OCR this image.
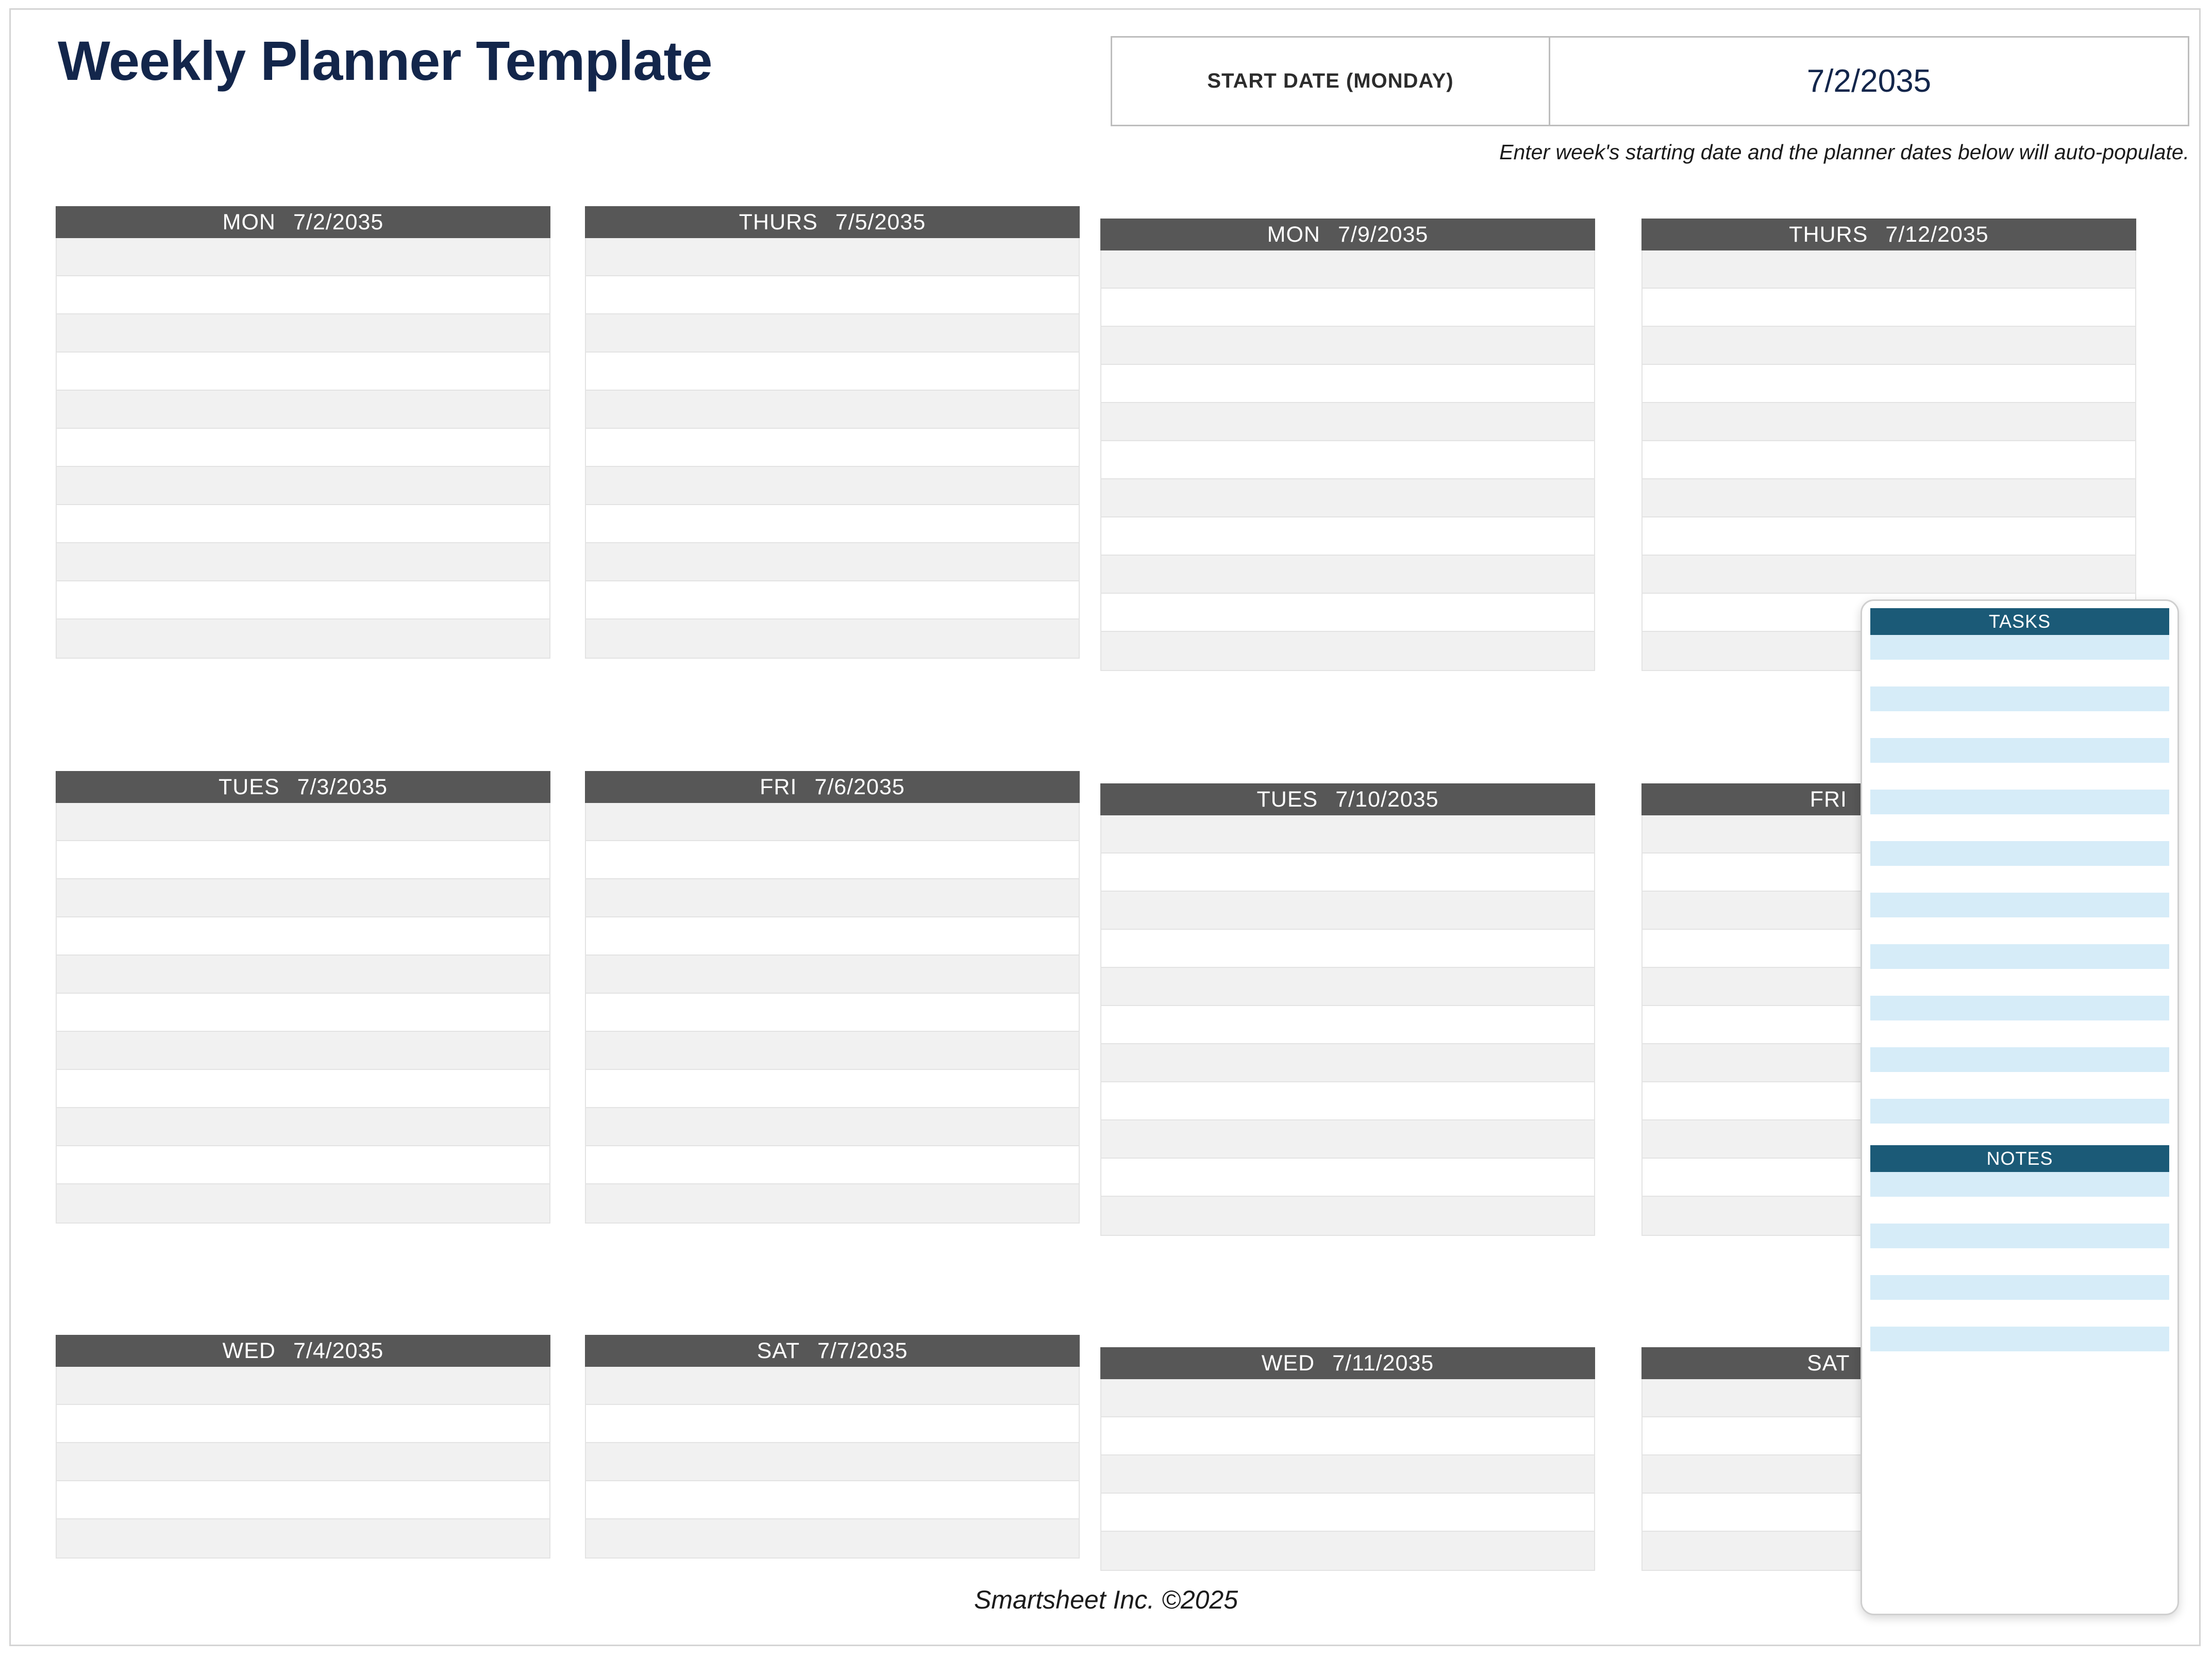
Weekly Planner Template	START DATE (MONDAY)	7/2/2035
Enter week's starting date and the planner dates below will auto-populate.
MON 7/2/2035	THURS 7/5/2035	MON 7/9/2035	THURS 7/12/2035
TUES 7/3/2035	FRI 7/6/2035	TUES 7/10/2035	FRI
WED 7/4/2035	SAT 7/7/2035	WED 7/11/2035	SAT
TASKS
NOTES
Smartsheet Inc. ©2025
